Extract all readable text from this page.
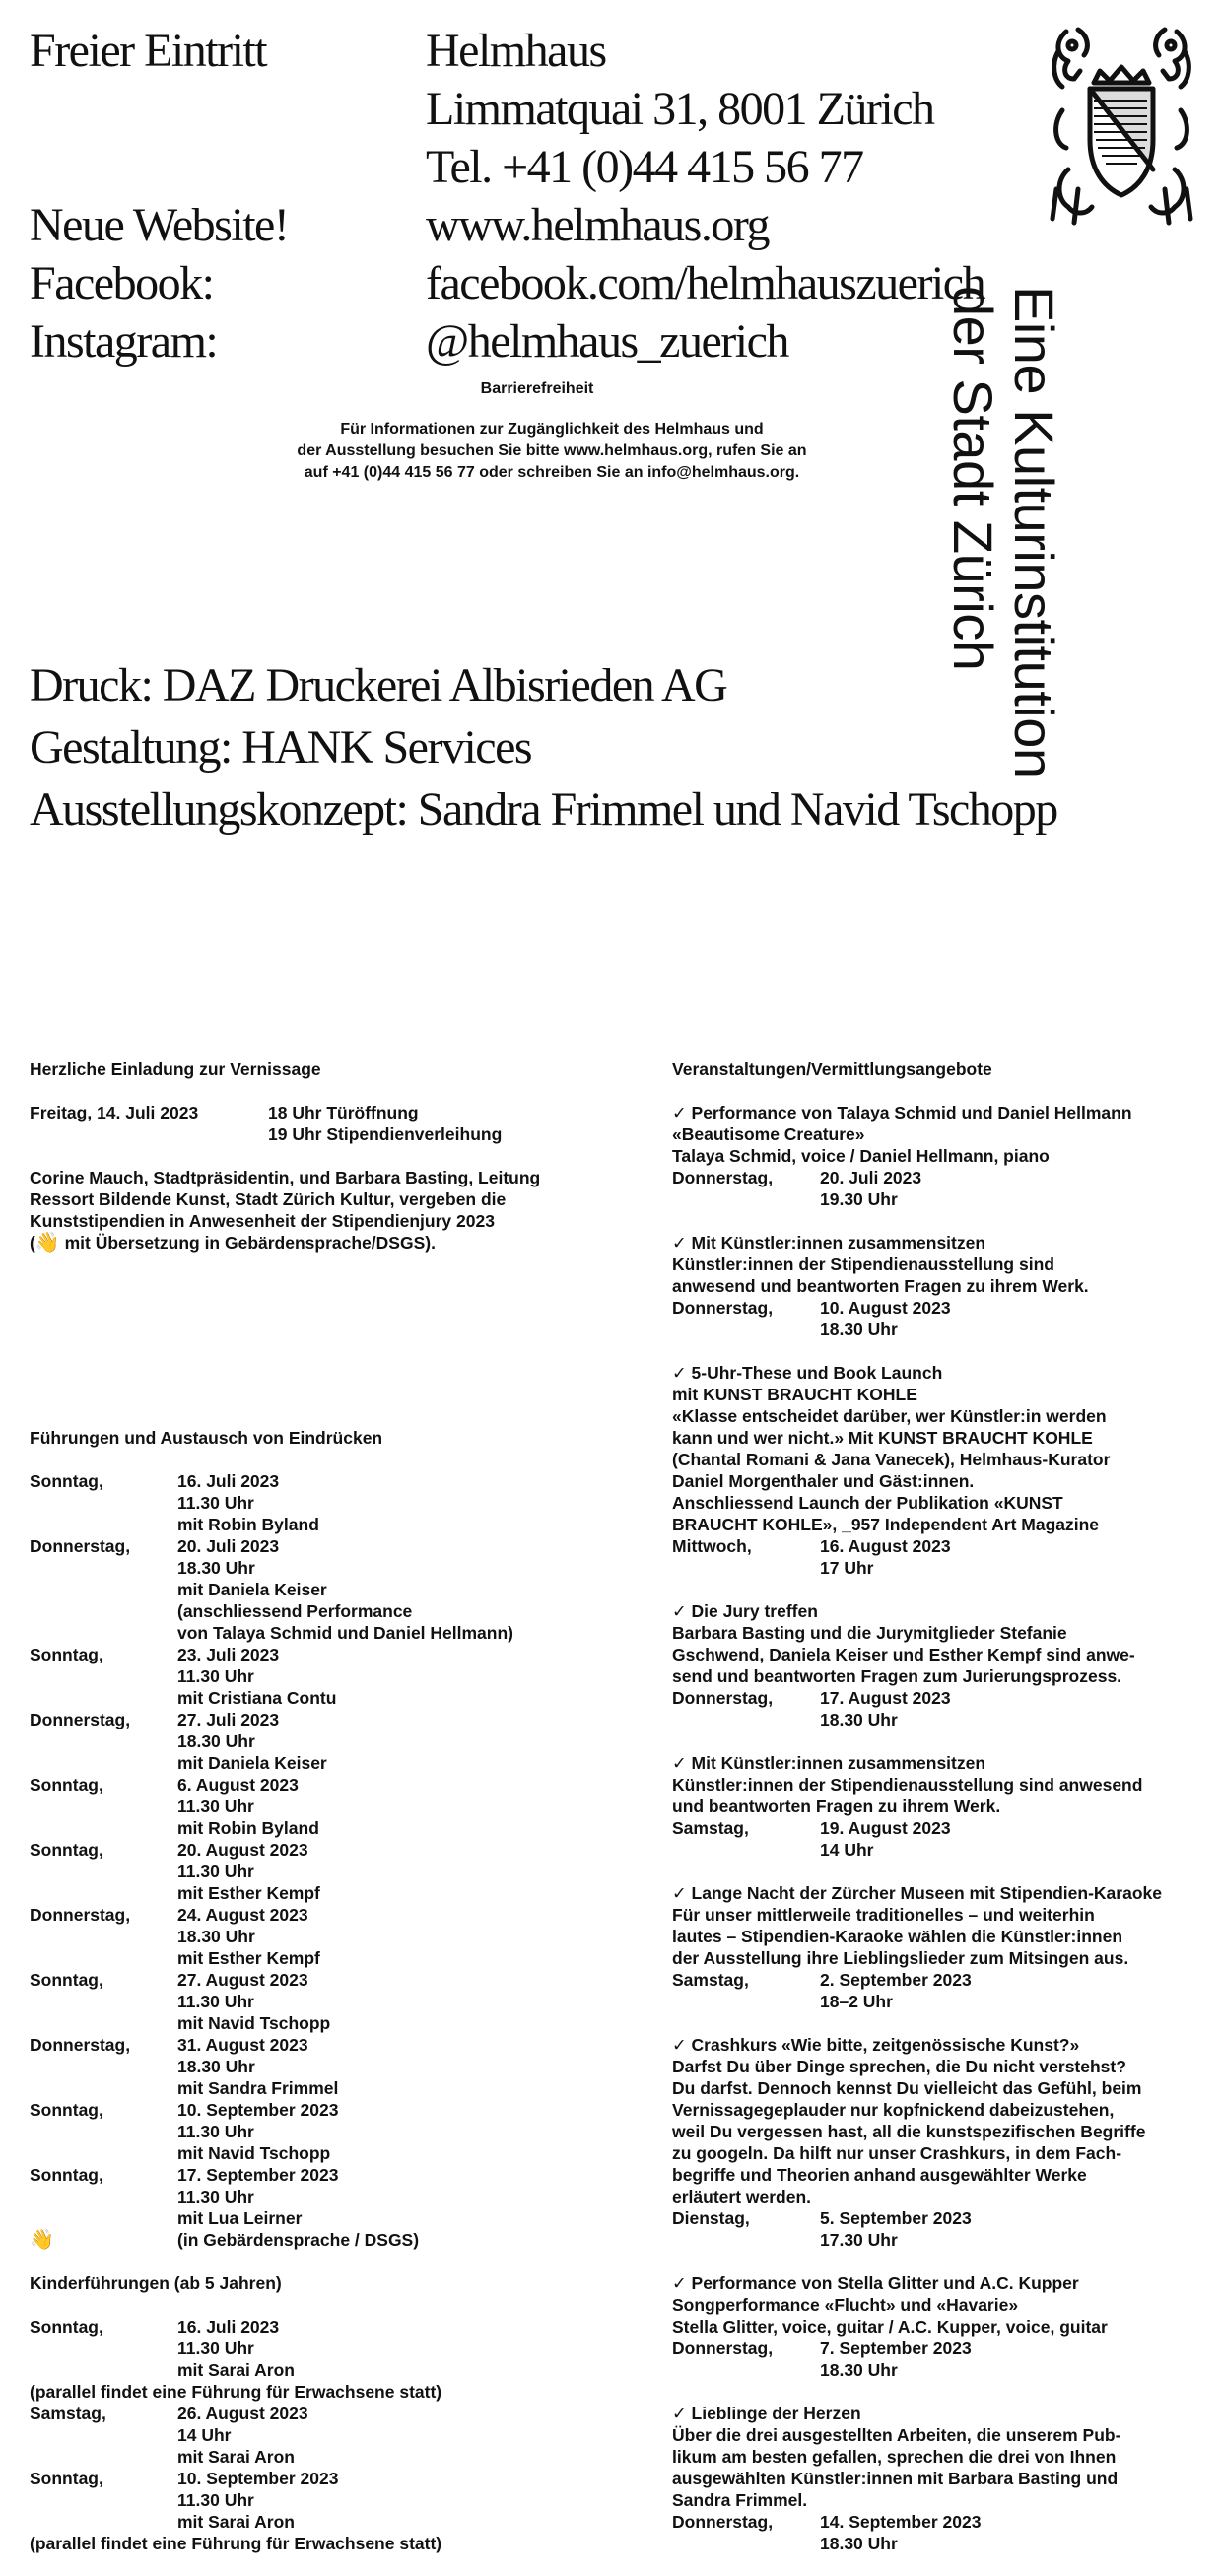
Freier Eintritt	Helmhaus
Limmatquai 31, 8001 Zürich
Tel. +41 (0)44 415 56 77
Neue Website!	www.helmhaus.org
Facebook:	facebook.com/helmhauszuerich
Instagram:	@helmhaus_zuerich
Barrierefreiheit
Für Informationen zur Zugänglichkeit des Helmhaus und
der Ausstellung besuchen Sie bitte www.helmhaus.org, rufen Sie an
auf +41 (0)44 415 56 77 oder schreiben Sie an info@helmhaus.org.
Druck: DAZ Druckerei Albisrieden AG
Gestaltung: HANK Services
Ausstellungskonzept: Sandra Frimmel und Navid Tschopp
Eine Kulturinstitution
der Stadt Zürich

Herzliche Einladung zur Vernissage

Freitag, 14. Juli 2023	18 Uhr Türöffnung

19 Uhr Stipendienverleihung

Corine Mauch, Stadtpräsidentin, und Barbara Basting, Leitung

Ressort Bildende Kunst, Stadt Zürich Kultur, vergeben die

Kunststipendien in Anwesenheit der Stipendienjury 2023

(👋 mit Übersetzung in Gebärdensprache/DSGS).

Führungen und Austausch von Eindrücken

Sonntag,	16. Juli 2023

11.30 Uhr

mit Robin Byland

Donnerstag,	20. Juli 2023

18.30 Uhr

mit Daniela Keiser

(anschliessend Performance

von Talaya Schmid und Daniel Hellmann)

Sonntag,	23. Juli 2023

11.30 Uhr

mit Cristiana Contu

Donnerstag,	27. Juli 2023

18.30 Uhr

mit Daniela Keiser

Sonntag,	6. August 2023

11.30 Uhr

mit Robin Byland

Sonntag,	20. August 2023

11.30 Uhr

mit Esther Kempf

Donnerstag,	24. August 2023

18.30 Uhr

mit Esther Kempf

Sonntag,	27. August 2023

11.30 Uhr

mit Navid Tschopp

Donnerstag,	31. August 2023

18.30 Uhr

mit Sandra Frimmel

Sonntag,	10. September 2023

11.30 Uhr

mit Navid Tschopp

Sonntag,	17. September 2023

11.30 Uhr

mit Lua Leirner

👋	(in Gebärdensprache / DSGS)

Kinderführungen (ab 5 Jahren)

Sonntag,	16. Juli 2023

11.30 Uhr

mit Sarai Aron

(parallel findet eine Führung für Erwachsene statt)

Samstag,	26. August 2023

14 Uhr

mit Sarai Aron

Sonntag,	10. September 2023

11.30 Uhr

mit Sarai Aron

(parallel findet eine Führung für Erwachsene statt)

Veranstaltungen/Vermittlungsangebote

✓ Performance von Talaya Schmid und Daniel Hellmann

«Beautisome Creature»

Talaya Schmid, voice / Daniel Hellmann, piano

Donnerstag,	20. Juli 2023
19.30 Uhr

✓ Mit Künstler:innen zusammensitzen

Künstler:innen der Stipendienausstellung sind

anwesend und beantworten Fragen zu ihrem Werk.

Donnerstag,	10. August 2023
18.30 Uhr

✓ 5-Uhr-These und Book Launch

mit KUNST BRAUCHT KOHLE

«Klasse entscheidet darüber, wer Künstler:in werden

kann und wer nicht.» Mit KUNST BRAUCHT KOHLE

(Chantal Romani & Jana Vanecek), Helmhaus-Kurator

Daniel Morgenthaler und Gäst:innen.

Anschliessend Launch der Publikation «KUNST

BRAUCHT KOHLE», _957 Independent Art Magazine

Mittwoch,	16. August 2023
17 Uhr

✓ Die Jury treffen

Barbara Basting und die Jurymitglieder Stefanie

Gschwend, Daniela Keiser und Esther Kempf sind anwe-

send und beantworten Fragen zum Jurierungsprozess.

Donnerstag,	17. August 2023
18.30 Uhr

✓ Mit Künstler:innen zusammensitzen

Künstler:innen der Stipendienausstellung sind anwesend

und beantworten Fragen zu ihrem Werk.

Samstag,	19. August 2023
14 Uhr

✓ Lange Nacht der Zürcher Museen mit Stipendien-Karaoke

Für unser mittlerweile traditionelles – und weiterhin

lautes – Stipendien-Karaoke wählen die Künstler:innen

der Ausstellung ihre Lieblingslieder zum Mitsingen aus.

Samstag,	2. September 2023
18–2 Uhr

✓ Crashkurs «Wie bitte, zeitgenössische Kunst?»

Darfst Du über Dinge sprechen, die Du nicht verstehst?

Du darfst. Dennoch kennst Du vielleicht das Gefühl, beim

Vernissagegeplauder nur kopfnickend dabeizustehen,

weil Du vergessen hast, all die kunstspezifischen Begriffe

zu googeln. Da hilft nur unser Crashkurs, in dem Fach-

begriffe und Theorien anhand ausgewählter Werke

erläutert werden.

Dienstag,	5. September 2023
17.30 Uhr

✓ Performance von Stella Glitter und A.C. Kupper

Songperformance «Flucht» und «Havarie»

Stella Glitter, voice, guitar / A.C. Kupper, voice, guitar

Donnerstag,	7. September 2023
18.30 Uhr

✓ Lieblinge der Herzen

Über die drei ausgestellten Arbeiten, die unserem Pub-

likum am besten gefallen, sprechen die drei von Ihnen

ausgewählten Künstler:innen mit Barbara Basting und

Sandra Frimmel.

Donnerstag,	14. September 2023
18.30 Uhr
